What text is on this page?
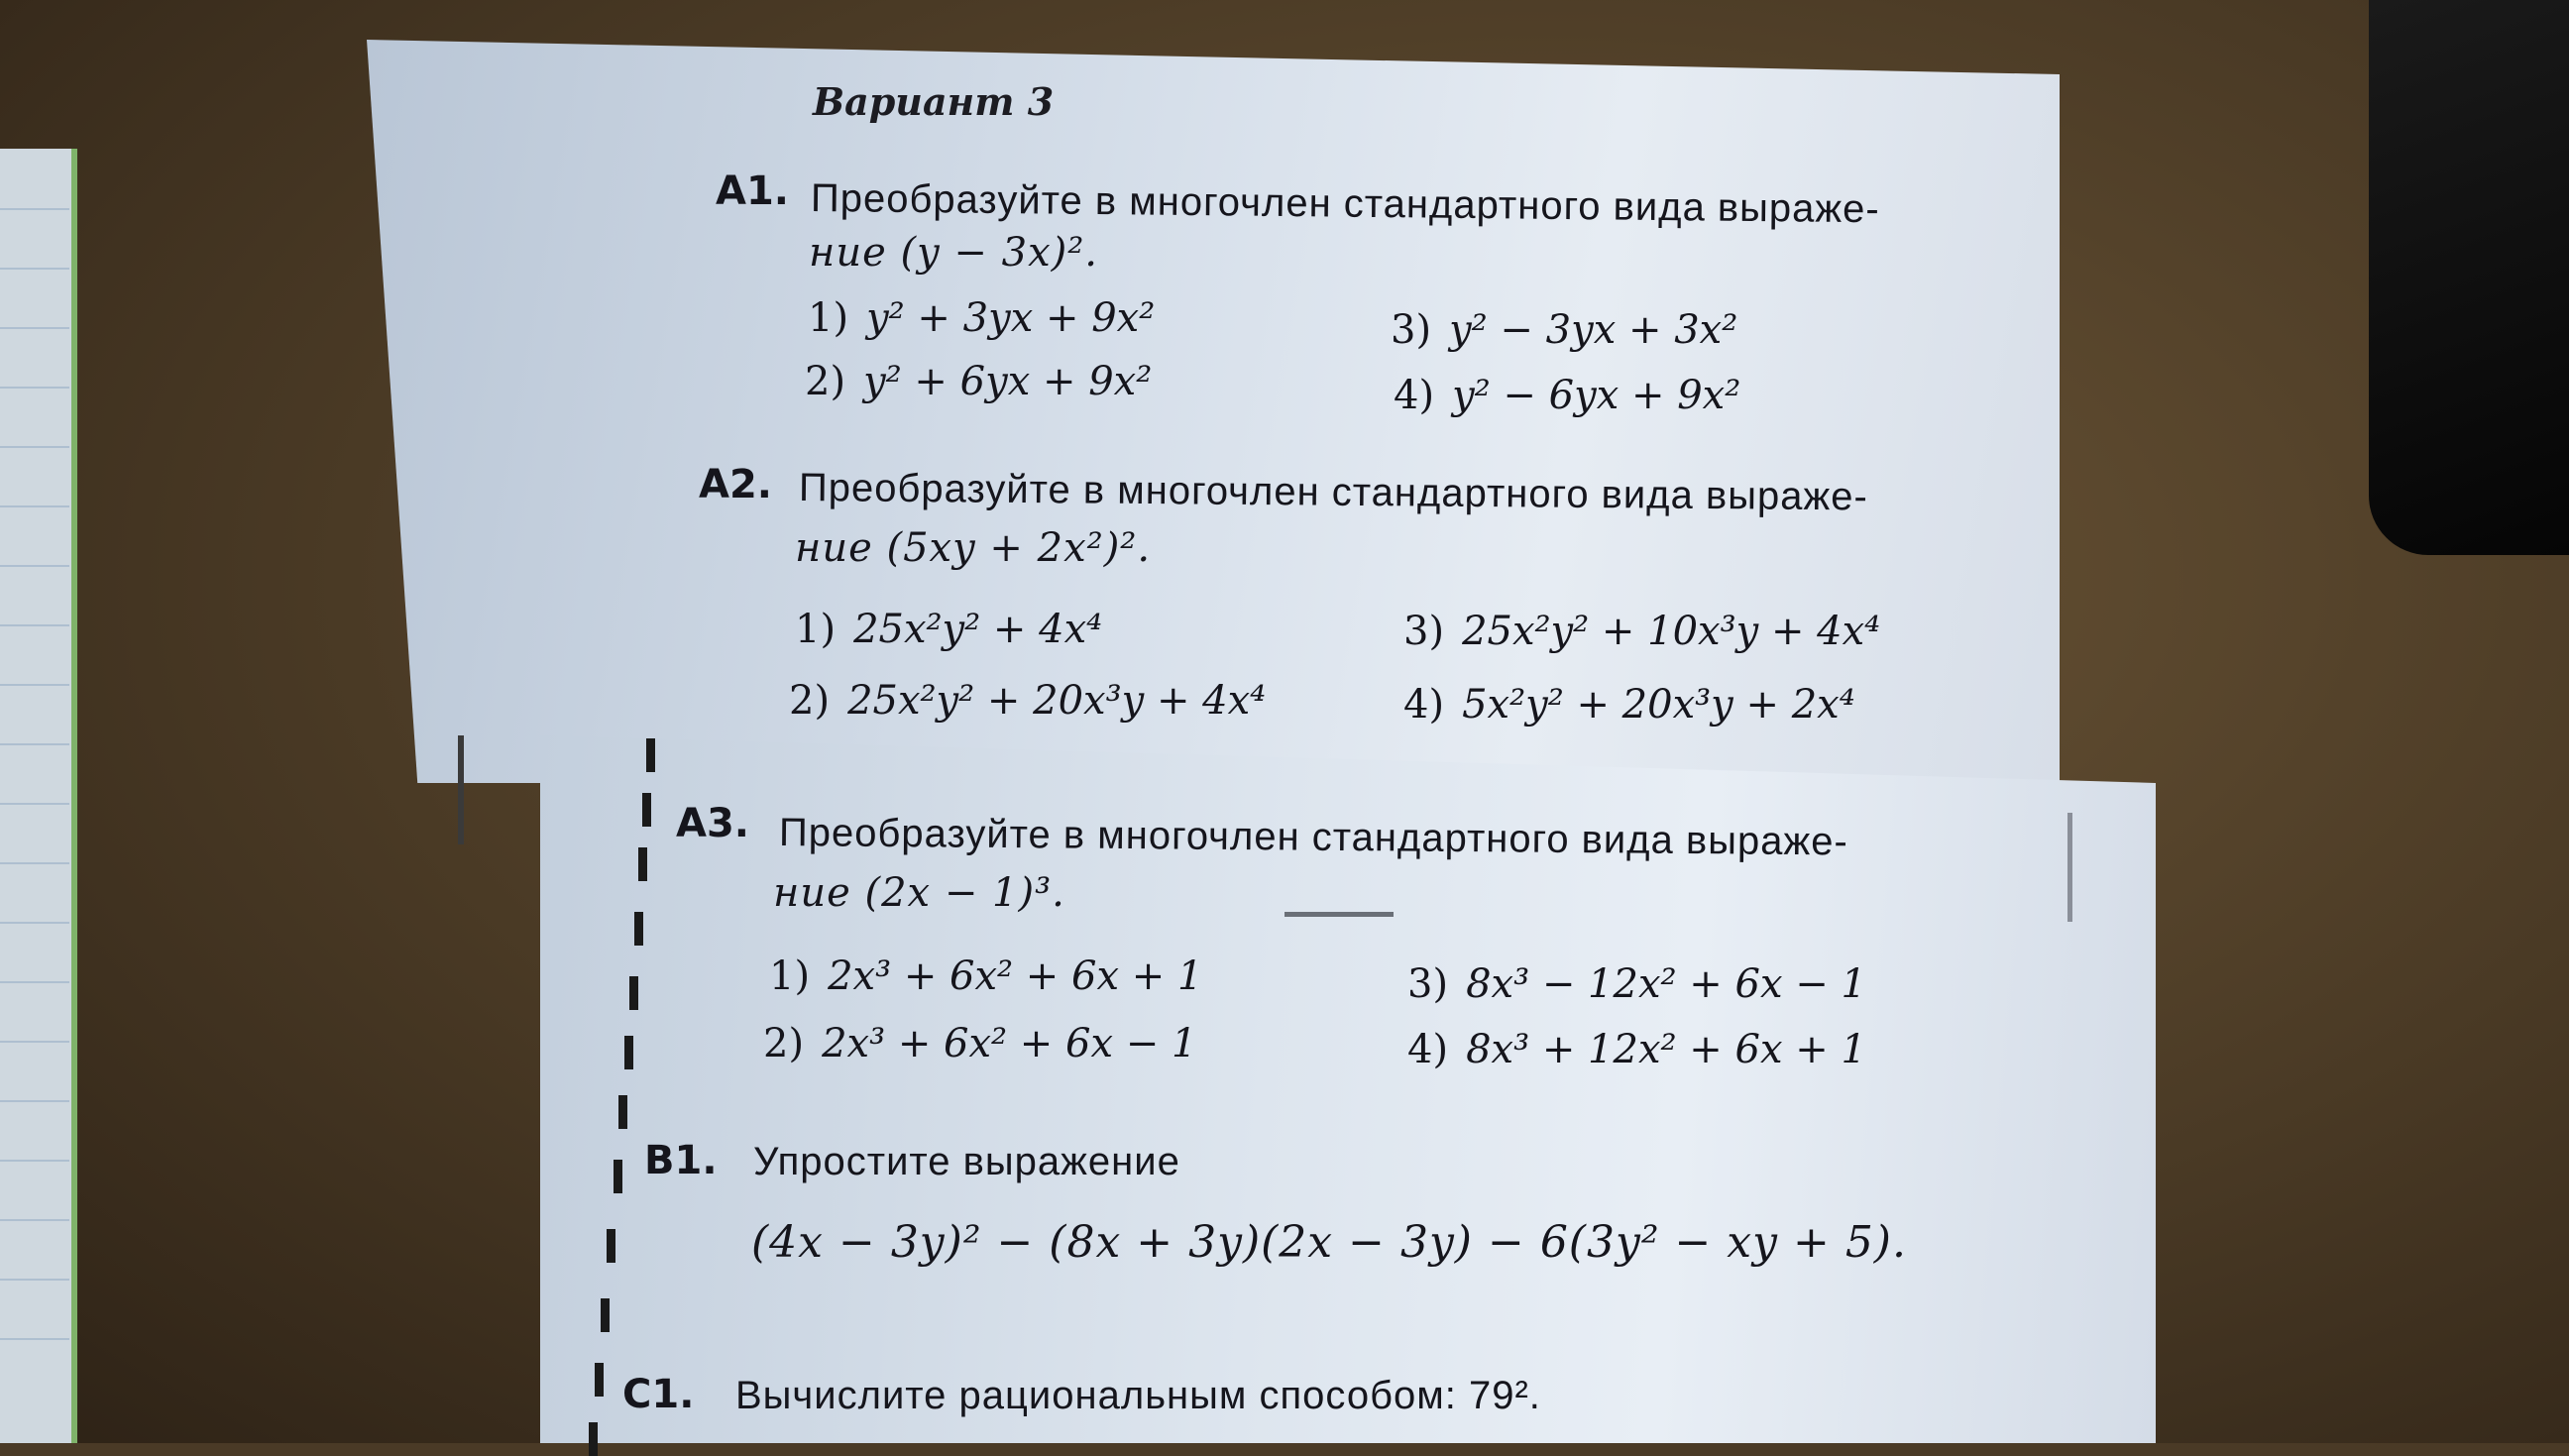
Вариант 3
А1. Преобразуйте в многочлен стандартного вида выраже-
ние (y − 3x)².
1) y² + 3yx + 9x²
2) y² + 6yx + 9x²
3) y² − 3yx + 3x²
4) y² − 6yx + 9x²
А2. Преобразуйте в многочлен стандартного вида выраже-
ние (5xy + 2x²)².
1) 25x²y² + 4x⁴
2) 25x²y² + 20x³y + 4x⁴
3) 25x²y² + 10x³y + 4x⁴
4) 5x²y² + 20x³y + 2x⁴
А3. Преобразуйте в многочлен стандартного вида выраже-
ние (2x − 1)³.
1) 2x³ + 6x² + 6x + 1
2) 2x³ + 6x² + 6x − 1
3) 8x³ − 12x² + 6x − 1
4) 8x³ + 12x² + 6x + 1
В1. Упростите выражение
(4x − 3y)² − (8x + 3y)(2x − 3y) − 6(3y² − xy + 5).
С1. Вычислите рациональным способом: 79².
